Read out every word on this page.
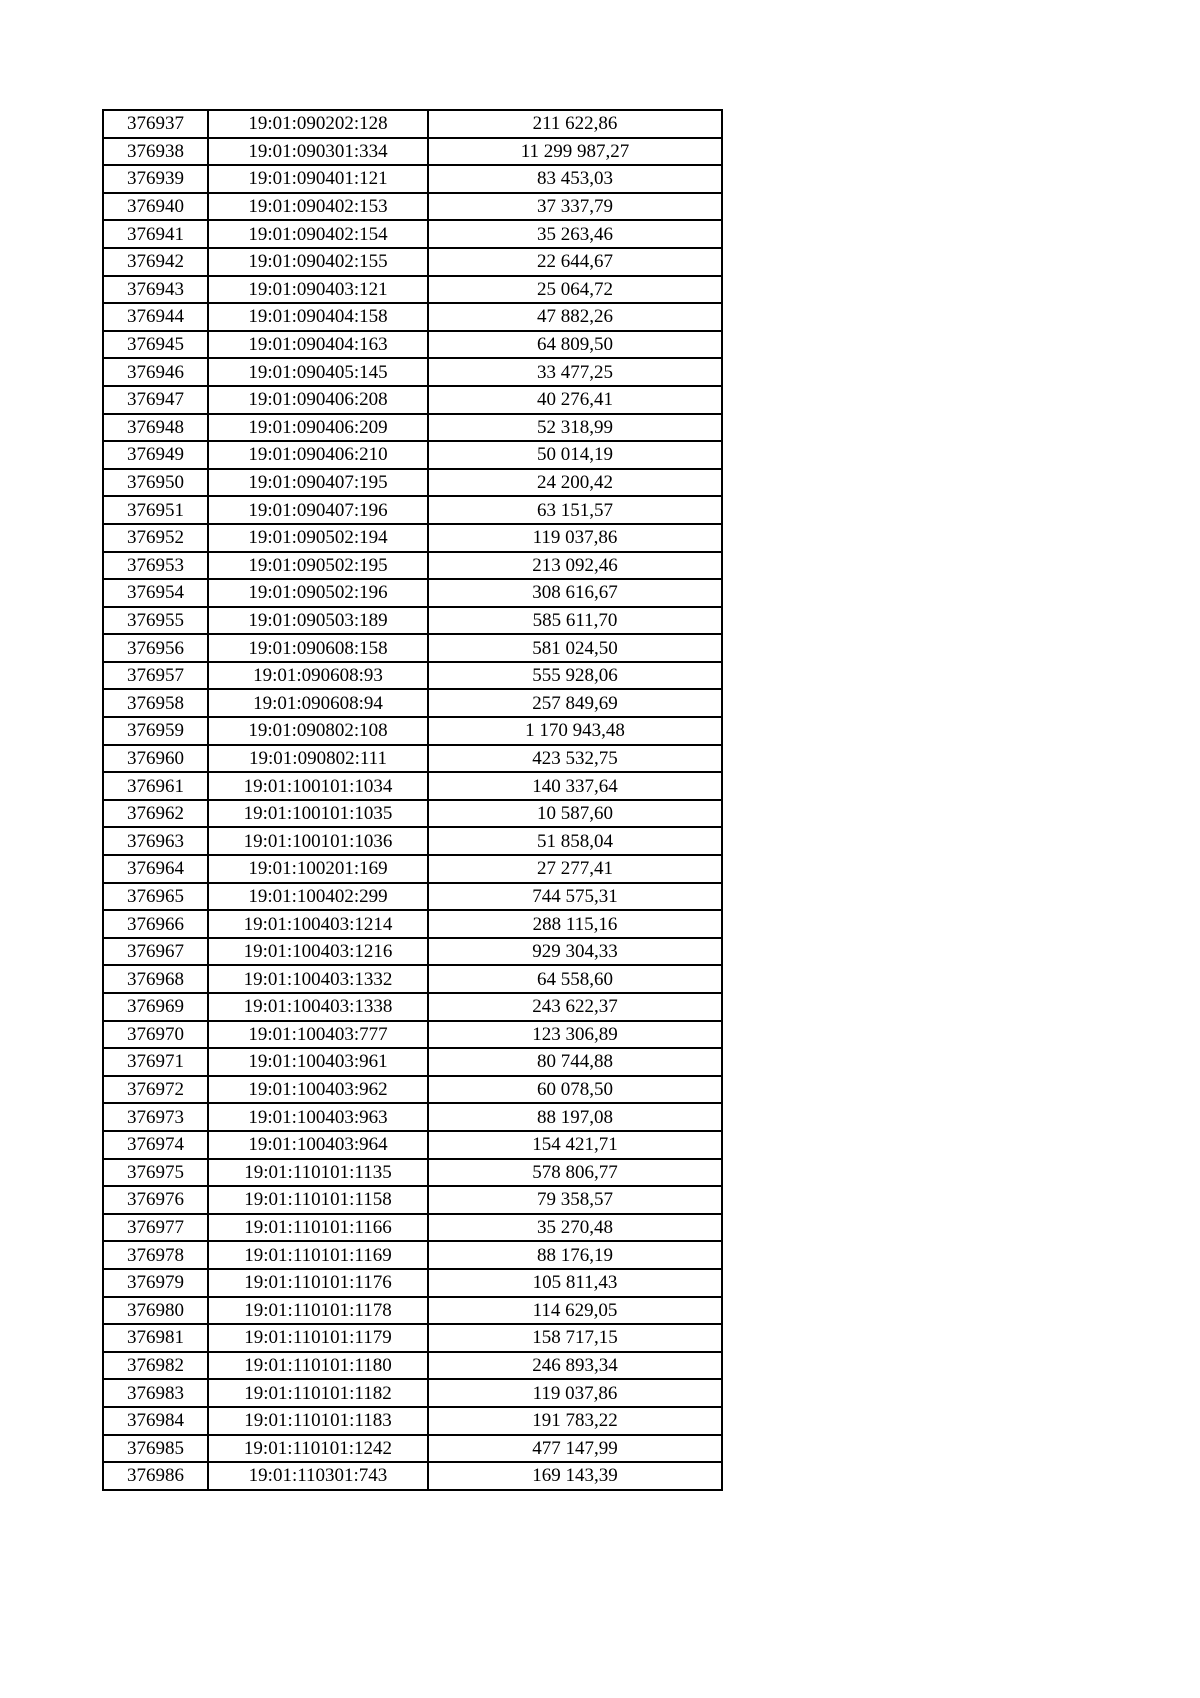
376937	19:01:090202:128	211 622,86
376938	19:01:090301:334	11 299 987,27
376939	19:01:090401:121	83 453,03
376940	19:01:090402:153	37 337,79
376941	19:01:090402:154	35 263,46
376942	19:01:090402:155	22 644,67
376943	19:01:090403:121	25 064,72
376944	19:01:090404:158	47 882,26
376945	19:01:090404:163	64 809,50
376946	19:01:090405:145	33 477,25
376947	19:01:090406:208	40 276,41
376948	19:01:090406:209	52 318,99
376949	19:01:090406:210	50 014,19
376950	19:01:090407:195	24 200,42
376951	19:01:090407:196	63 151,57
376952	19:01:090502:194	119 037,86
376953	19:01:090502:195	213 092,46
376954	19:01:090502:196	308 616,67
376955	19:01:090503:189	585 611,70
376956	19:01:090608:158	581 024,50
376957	19:01:090608:93	555 928,06
376958	19:01:090608:94	257 849,69
376959	19:01:090802:108	1 170 943,48
376960	19:01:090802:111	423 532,75
376961	19:01:100101:1034	140 337,64
376962	19:01:100101:1035	10 587,60
376963	19:01:100101:1036	51 858,04
376964	19:01:100201:169	27 277,41
376965	19:01:100402:299	744 575,31
376966	19:01:100403:1214	288 115,16
376967	19:01:100403:1216	929 304,33
376968	19:01:100403:1332	64 558,60
376969	19:01:100403:1338	243 622,37
376970	19:01:100403:777	123 306,89
376971	19:01:100403:961	80 744,88
376972	19:01:100403:962	60 078,50
376973	19:01:100403:963	88 197,08
376974	19:01:100403:964	154 421,71
376975	19:01:110101:1135	578 806,77
376976	19:01:110101:1158	79 358,57
376977	19:01:110101:1166	35 270,48
376978	19:01:110101:1169	88 176,19
376979	19:01:110101:1176	105 811,43
376980	19:01:110101:1178	114 629,05
376981	19:01:110101:1179	158 717,15
376982	19:01:110101:1180	246 893,34
376983	19:01:110101:1182	119 037,86
376984	19:01:110101:1183	191 783,22
376985	19:01:110101:1242	477 147,99
376986	19:01:110301:743	169 143,39
